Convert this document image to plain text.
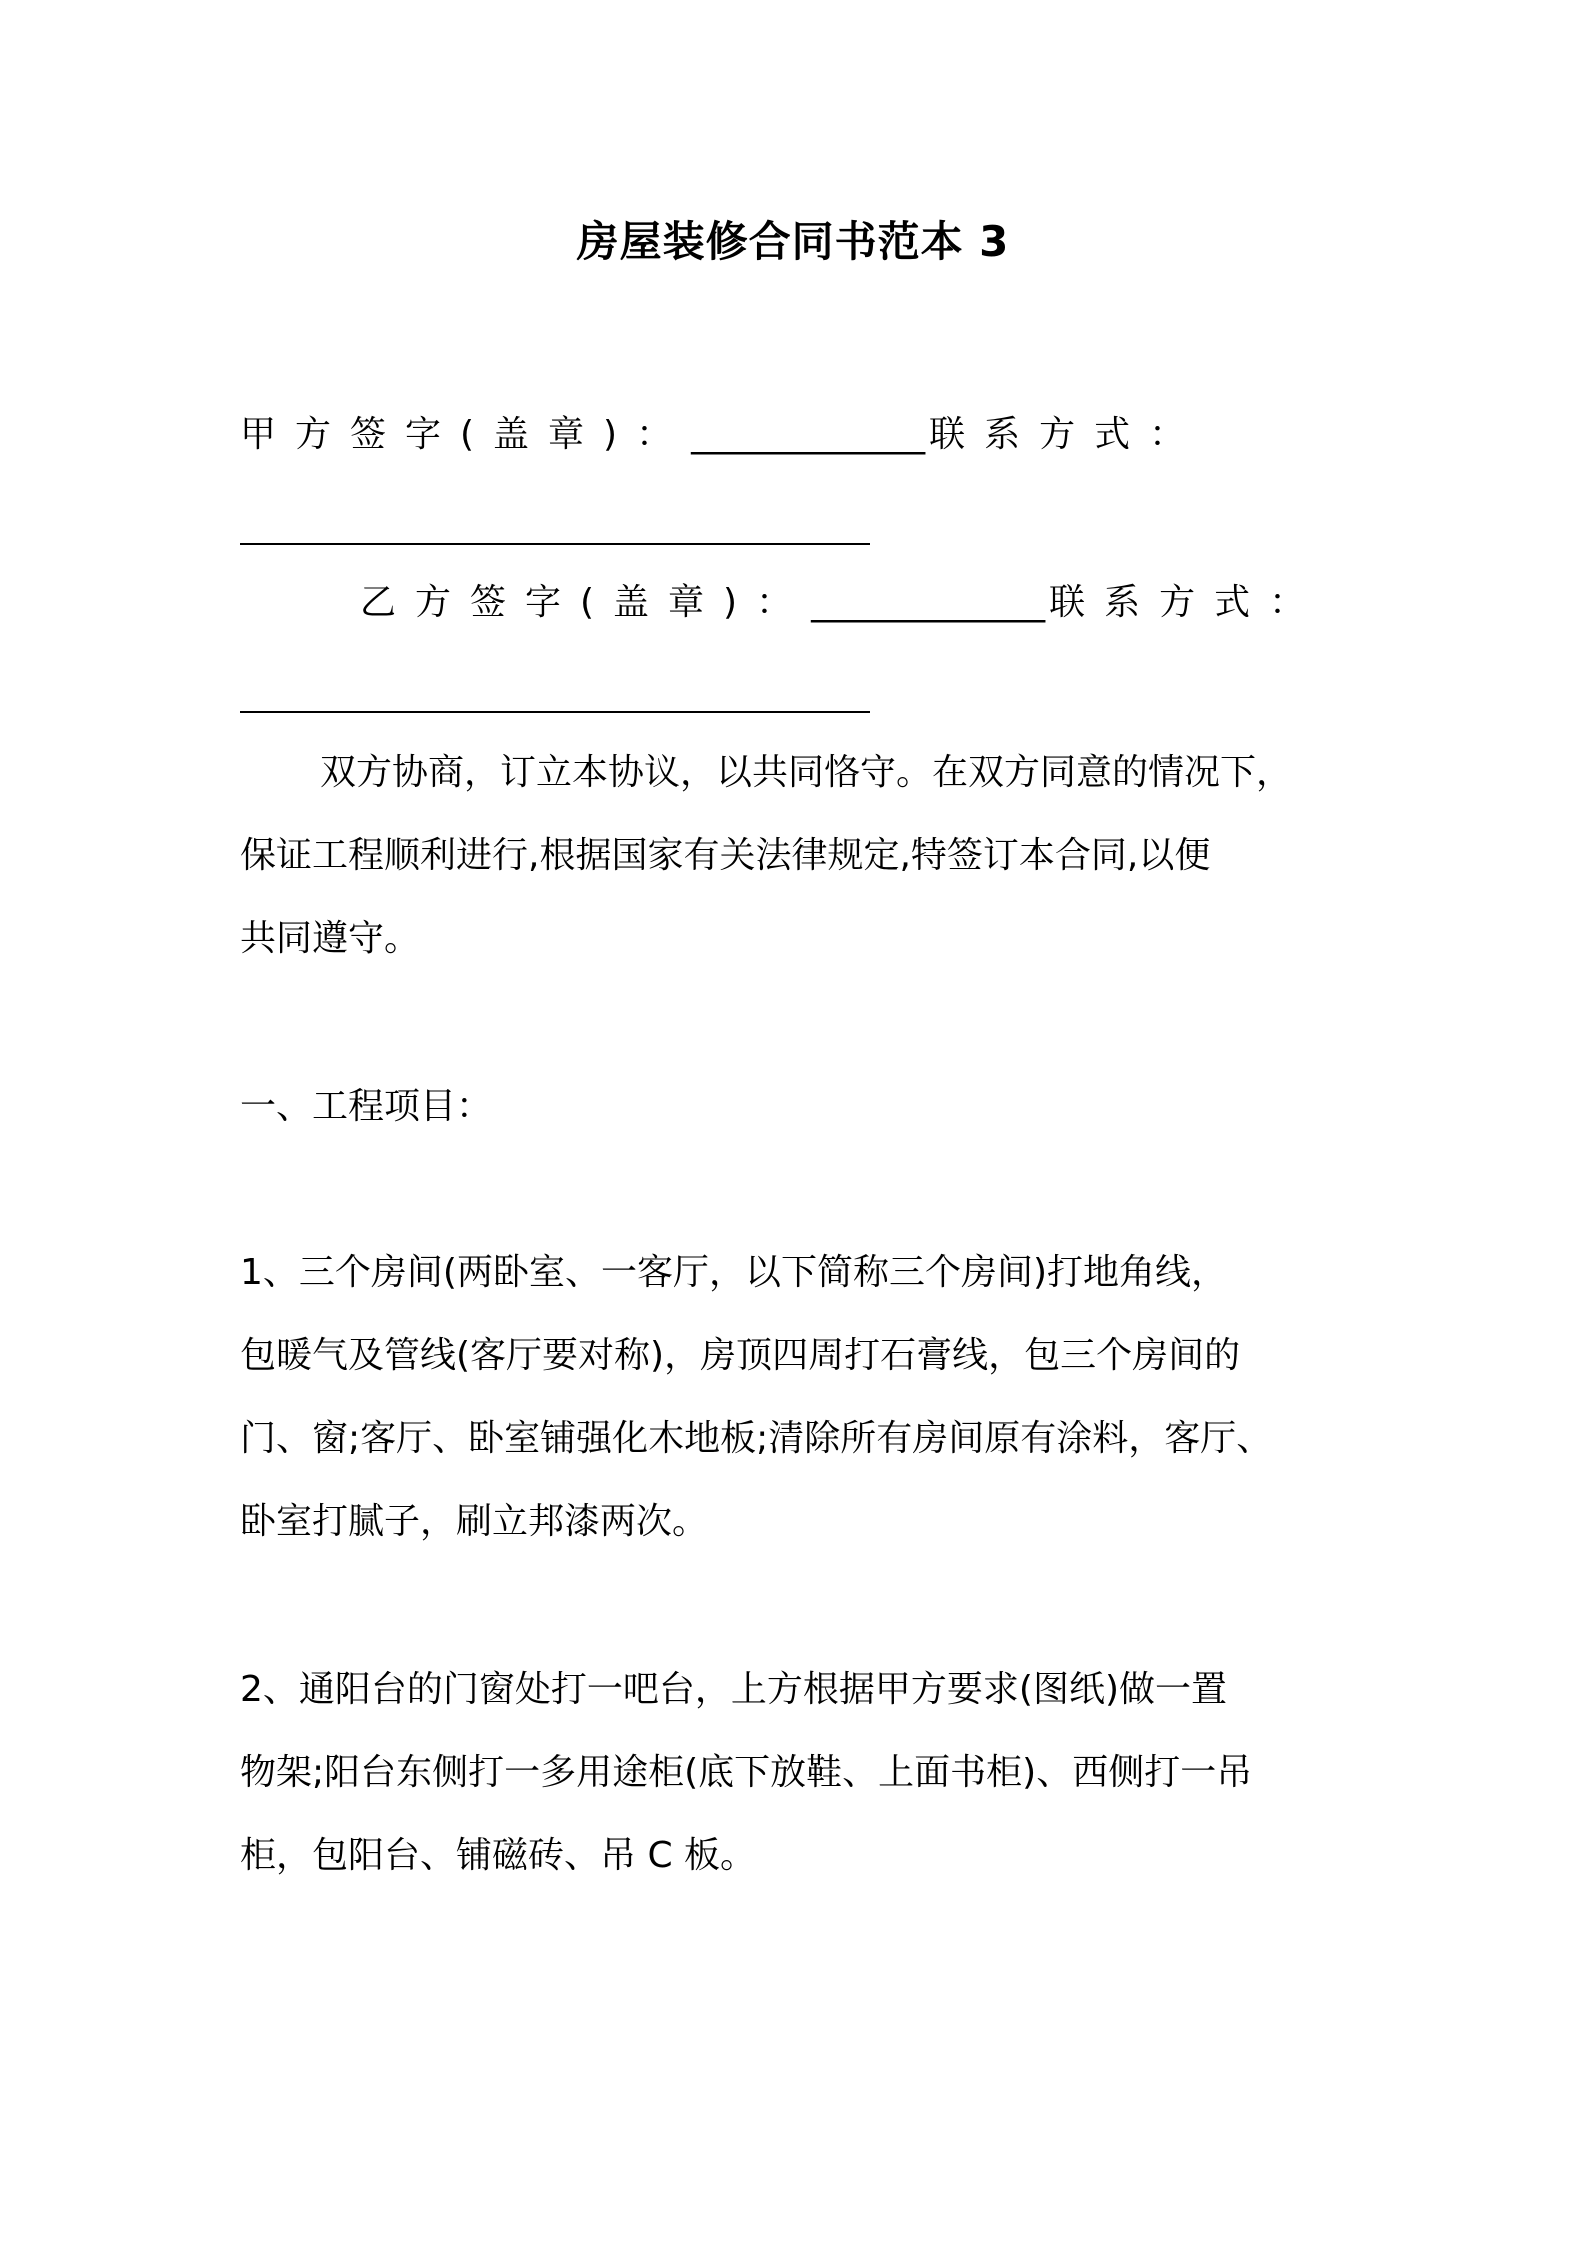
房屋装修合同书范本 3
甲方签字(盖章)：_____________ 联系方式：
乙方签字(盖章)：_____________ 联系方式：
双方协商，订立本协议，以共同恪守。在双方同意的情况下，
保证工程顺利进行,根据国家有关法律规定,特签订本合同,以便
共同遵守。
一、工程项目：
1、三个房间(两卧室、一客厅，以下简称三个房间)打地角线，
包暖气及管线(客厅要对称)，房顶四周打石膏线，包三个房间的
门、窗;客厅、卧室铺强化木地板;清除所有房间原有涂料，客厅、
卧室打腻子，刷立邦漆两次。
2、通阳台的门窗处打一吧台，上方根据甲方要求(图纸)做一置
物架;阳台东侧打一多用途柜(底下放鞋、上面书柜)、西侧打一吊
柜，包阳台、铺磁砖、吊 C 板。
